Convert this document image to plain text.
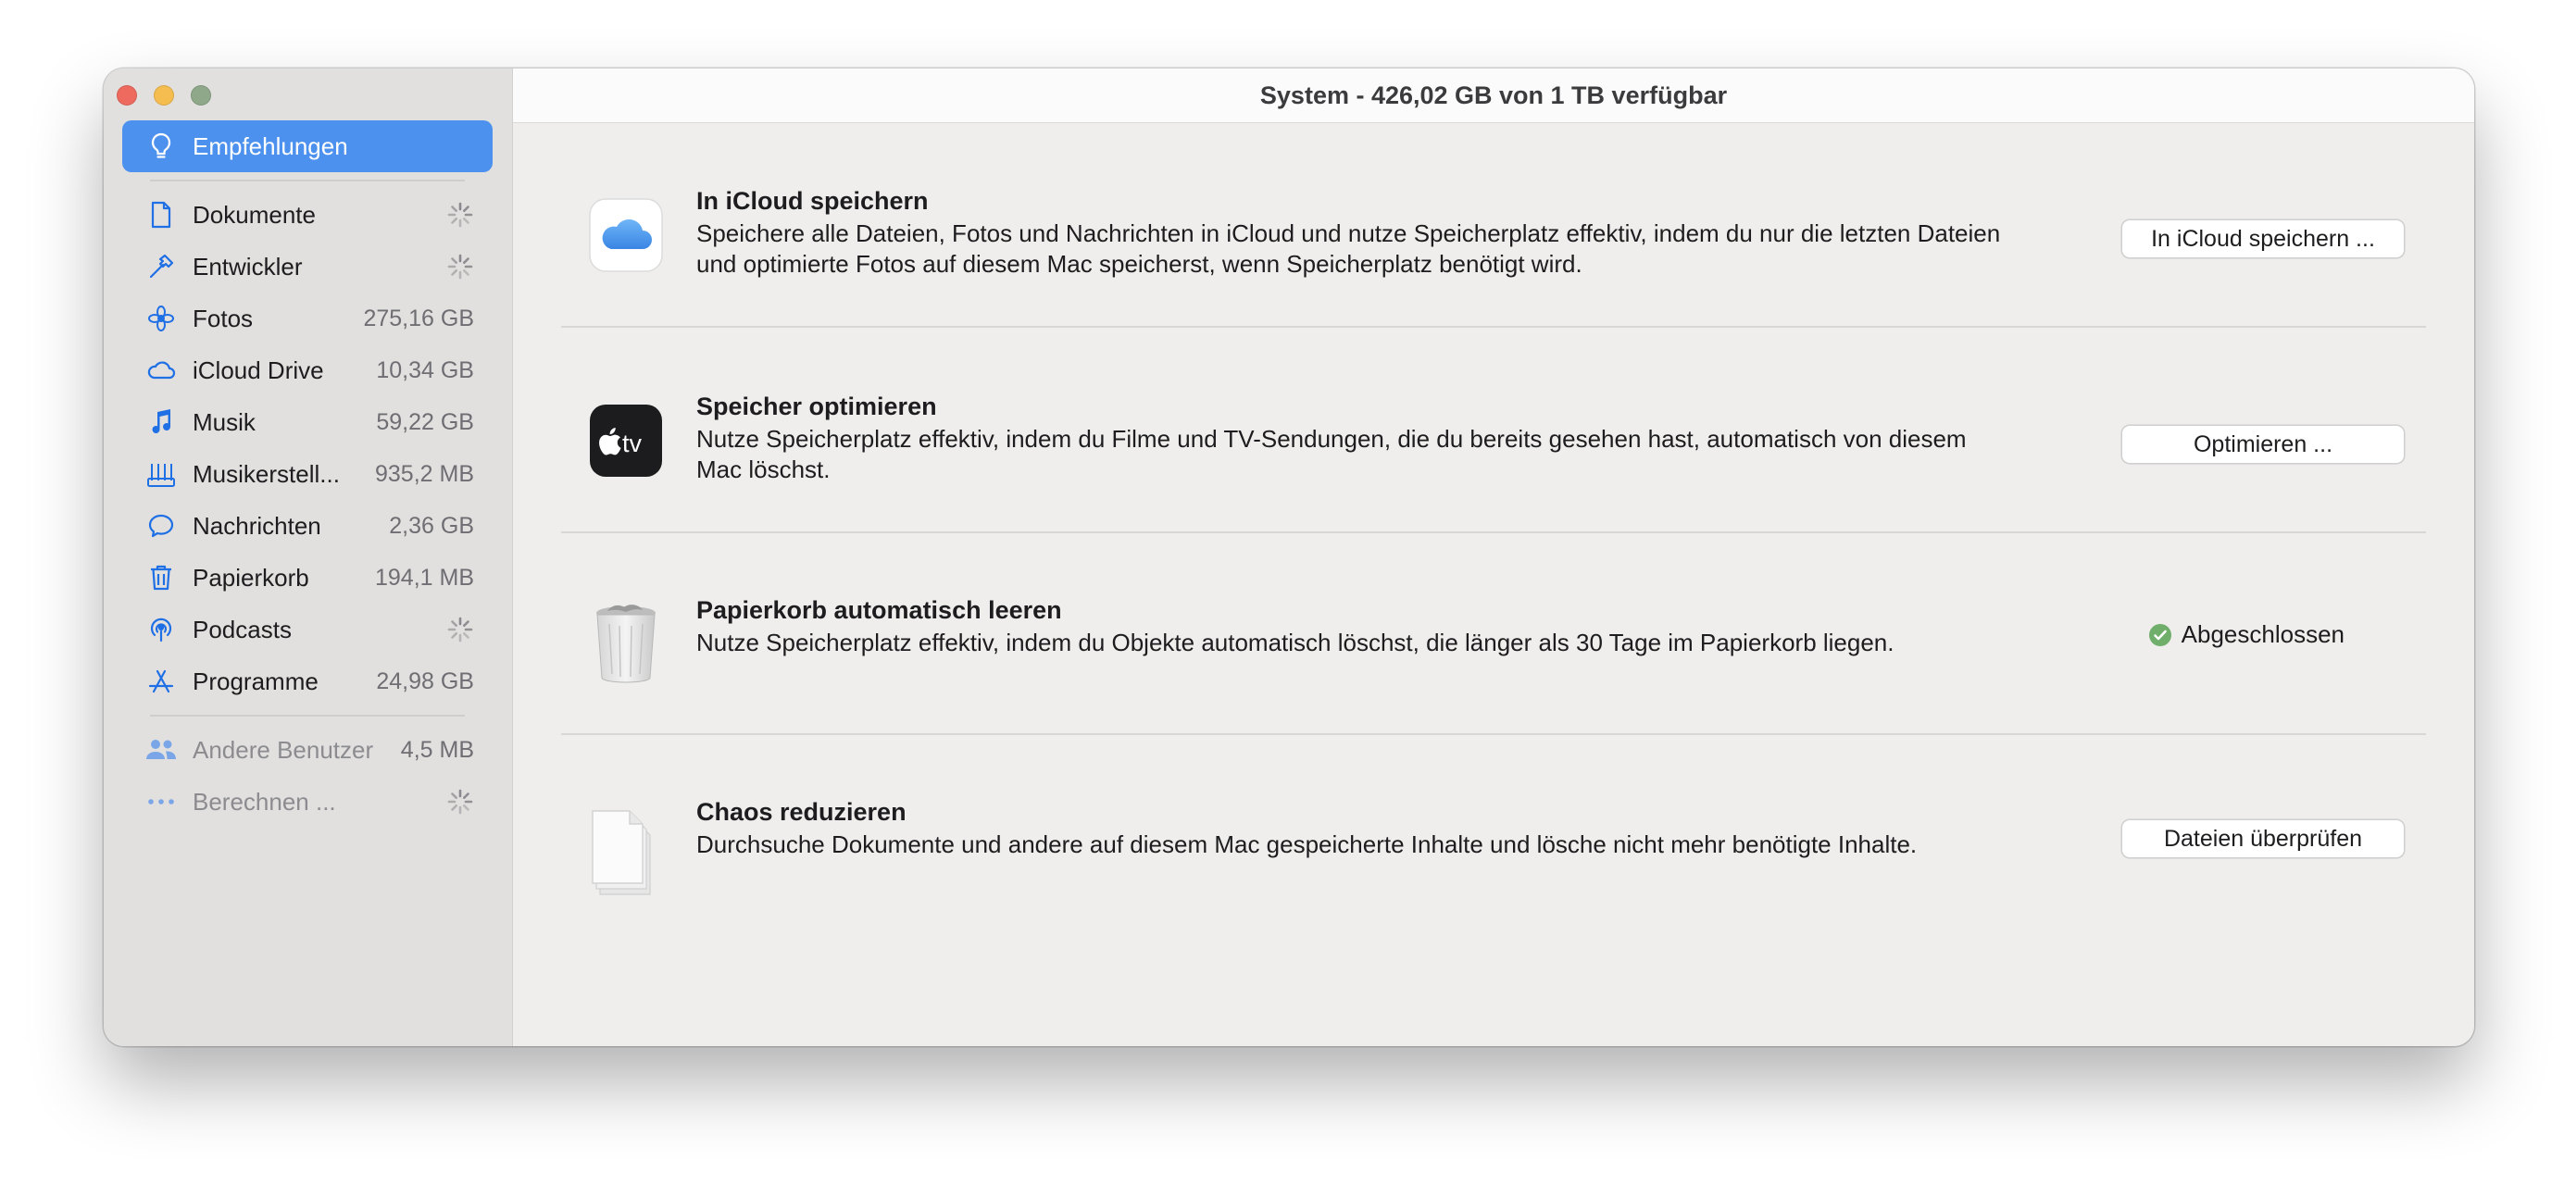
Empfehlungen
Dokumente
Entwickler
Fotos	275,16 GB
iCloud Drive	10,34 GB
Musik	59,22 GB
Musikerstell...	935,2 MB
Nachrichten	2,36 GB
Papierkorb	194,1 MB
Podcasts
Programme	24,98 GB
Andere Benutzer	4,5 MB
Berechnen ...
System - 426,02 GB von 1 TB verfügbar
In iCloud speichern
Speichere alle Dateien, Fotos und Nachrichten in iCloud und nutze Speicherplatz effektiv, indem du nur die letzten Dateien
und optimierte Fotos auf diesem Mac speicherst, wenn Speicherplatz benötigt wird.
In iCloud speichern ...
tv
Speicher optimieren
Nutze Speicherplatz effektiv, indem du Filme und TV-Sendungen, die du bereits gesehen hast, automatisch von diesem
Mac löschst.
Optimieren ...
Papierkorb automatisch leeren
Nutze Speicherplatz effektiv, indem du Objekte automatisch löschst, die länger als 30 Tage im Papierkorb liegen.	Abgeschlossen
Chaos reduzieren
Durchsuche Dokumente und andere auf diesem Mac gespeicherte Inhalte und lösche nicht mehr benötigte Inhalte.	Dateien überprüfen
